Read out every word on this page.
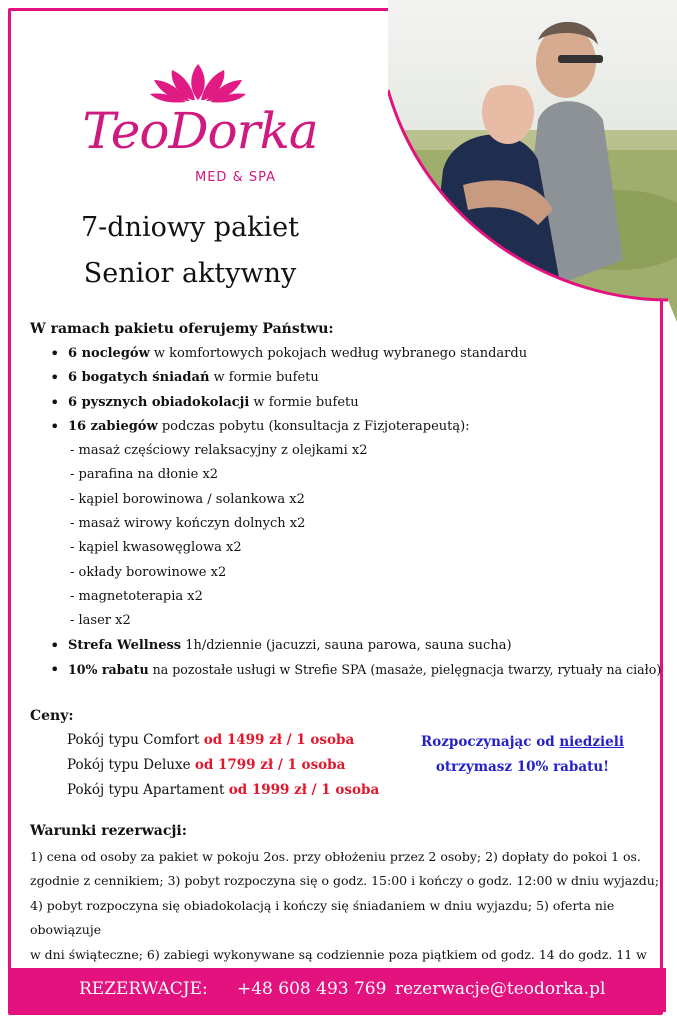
TeoDorka
MED & SPA
7-dniowy pakiet
Senior aktywny
W ramach pakietu oferujemy Państwu:
• 6 noclegów w komfortowych pokojach według wybranego standardu
• 6 bogatych śniadań w formie bufetu
• 6 pysznych obiadokolacji w formie bufetu
• 16 zabiegów podczas pobytu (konsultacja z Fizjoterapeutą):
- masaż częściowy relaksacyjny z olejkami x2
- parafina na dłonie x2
- kąpiel borowinowa / solankowa x2
- masaż wirowy kończyn dolnych x2
- kąpiel kwasowęglowa x2
- okłady borowinowe x2
- magnetoterapia x2
- laser x2
• Strefa Wellness 1h/dziennie (jacuzzi, sauna parowa, sauna sucha)
• 10% rabatu na pozostałe usługi w Strefie SPA (masaże, pielęgnacja twarzy, rytuały na ciało)
Ceny:
Pokój typu Comfort od 1499 zł / 1 osoba
Pokój typu Deluxe od 1799 zł / 1 osoba
Pokój typu Apartament od 1999 zł / 1 osoba
Rozpoczynając od niedzieli
otrzymasz 10% rabatu!
Warunki rezerwacji:
1) cena od osoby za pakiet w pokoju 2os. przy obłożeniu przez 2 osoby; 2) dopłaty do pokoi 1 os.
zgodnie z cennikiem; 3) pobyt rozpoczyna się o godz. 15:00 i kończy o godz. 12:00 w dniu wyjazdu;
4) pobyt rozpoczyna się obiadokolacją i kończy się śniadaniem w dniu wyjazdu; 5) oferta nie obowiązuje
w dni świąteczne; 6) zabiegi wykonywane są codziennie poza piątkiem od godz. 14 do godz. 11 w
REZERWACJE: +48 608 493 769 rezerwacje@teodorka.pl
